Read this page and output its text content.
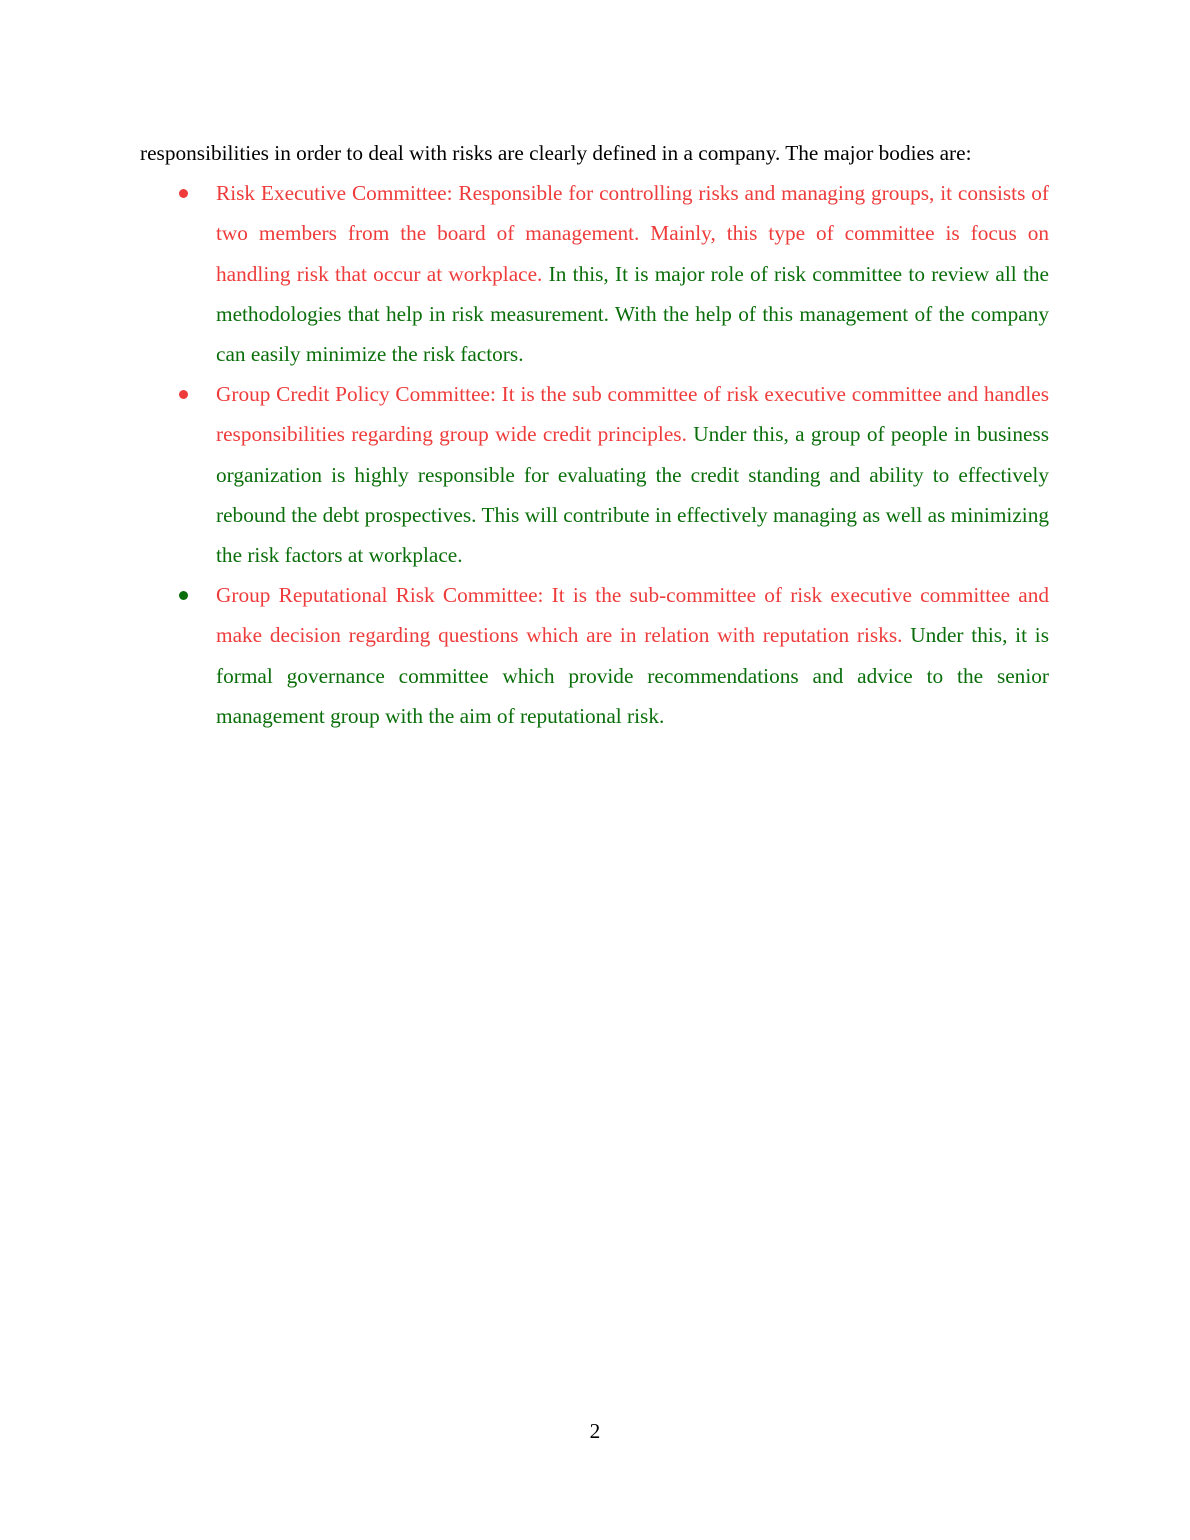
responsibilities in order to deal with risks are clearly defined in a company. The major bodies are:

Risk Executive Committee: Responsible for controlling risks and managing groups, it consists of two members from the board of management. Mainly, this type of committee is focus on handling risk that occur at workplace. In this, It is major role of risk committee to review all the methodologies that help in risk measurement. With the help of this management of the company can easily minimize the risk factors.
Group Credit Policy Committee: It is the sub committee of risk executive committee and handles responsibilities regarding group wide credit principles. Under this, a group of people in business organization is highly responsible for evaluating the credit standing and ability to effectively rebound the debt prospectives. This will contribute in effectively managing as well as minimizing the risk factors at workplace.
Group Reputational Risk Committee: It is the sub-committee of risk executive committee and make decision regarding questions which are in relation with reputation risks. Under this, it is formal governance committee which provide recommendations and advice to the senior management group with the aim of reputational risk.
2
